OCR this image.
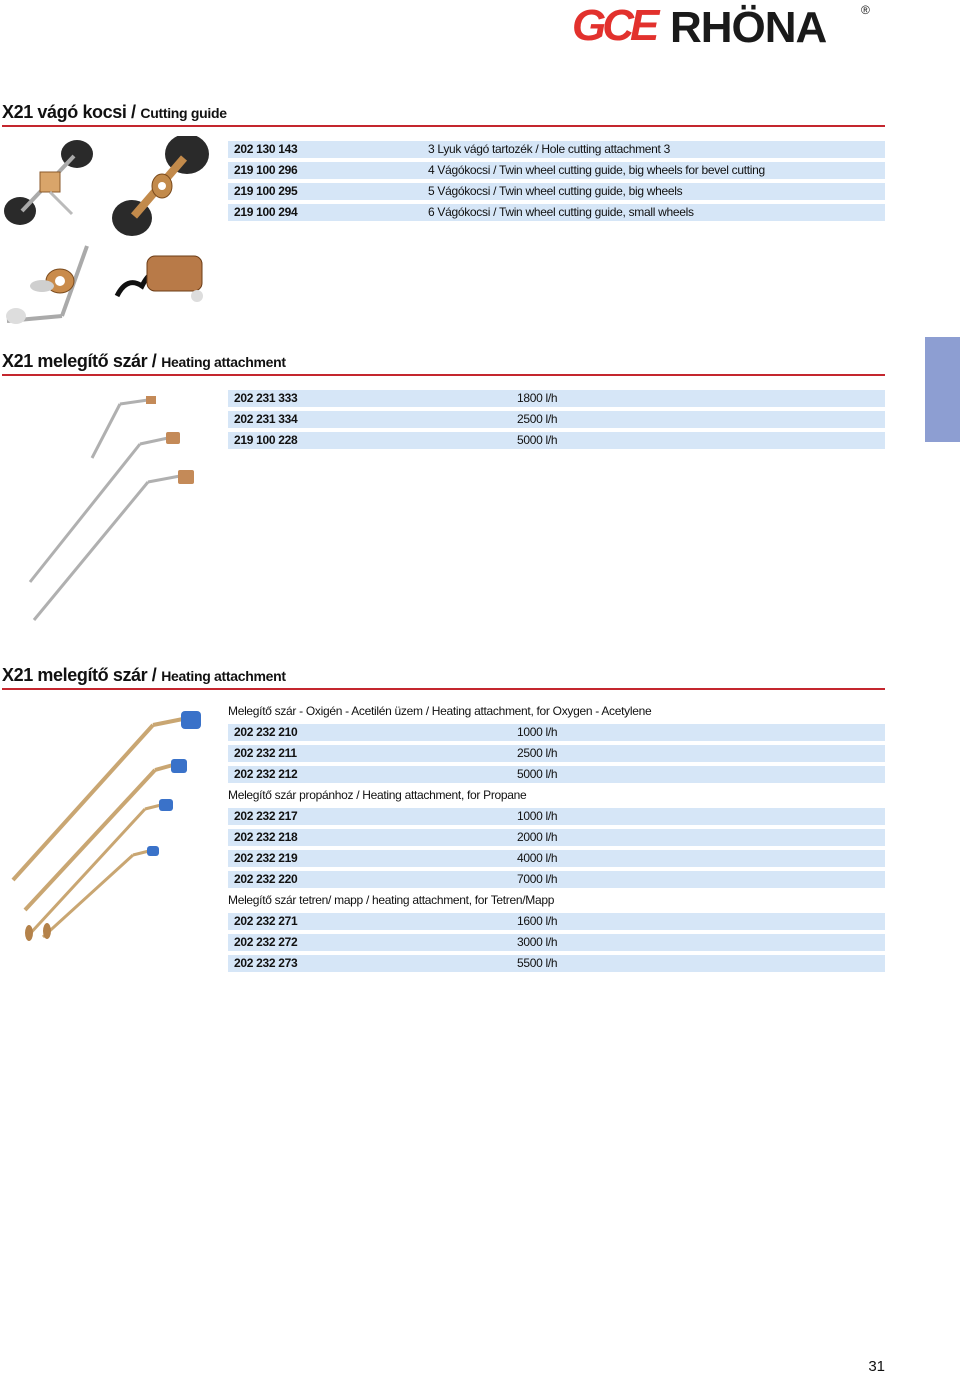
GCE RHÖNA	®
X21 vágó kocsi / Cutting guide
202 130 143	3 Lyuk vágó tartozék / Hole cutting attachment 3
219 100 296	4 Vágókocsi / Twin wheel cutting guide, big wheels for bevel cutting
219 100 295	5 Vágókocsi / Twin wheel cutting guide, big wheels
219 100 294	6 Vágókocsi / Twin wheel cutting guide, small wheels
X21 melegítő szár / Heating attachment
202 231 333	1800 l/h
202 231 334	2500 l/h
219 100 228	5000 l/h
X21 melegítő szár / Heating attachment
Melegítő szár - Oxigén - Acetilén üzem / Heating attachment, for Oxygen - Acetylene
202 232 210	1000 l/h
202 232 211	2500 l/h
202 232 212	5000 l/h
Melegítő szár propánhoz / Heating attachment, for Propane
202 232 217	1000 l/h
202 232 218	2000 l/h
202 232 219	4000 l/h
202 232 220	7000 l/h
Melegítő szár tetren/ mapp / heating attachment, for Tetren/Mapp
202 232 271	1600 l/h
202 232 272	3000 l/h
202 232 273	5500 l/h
31
